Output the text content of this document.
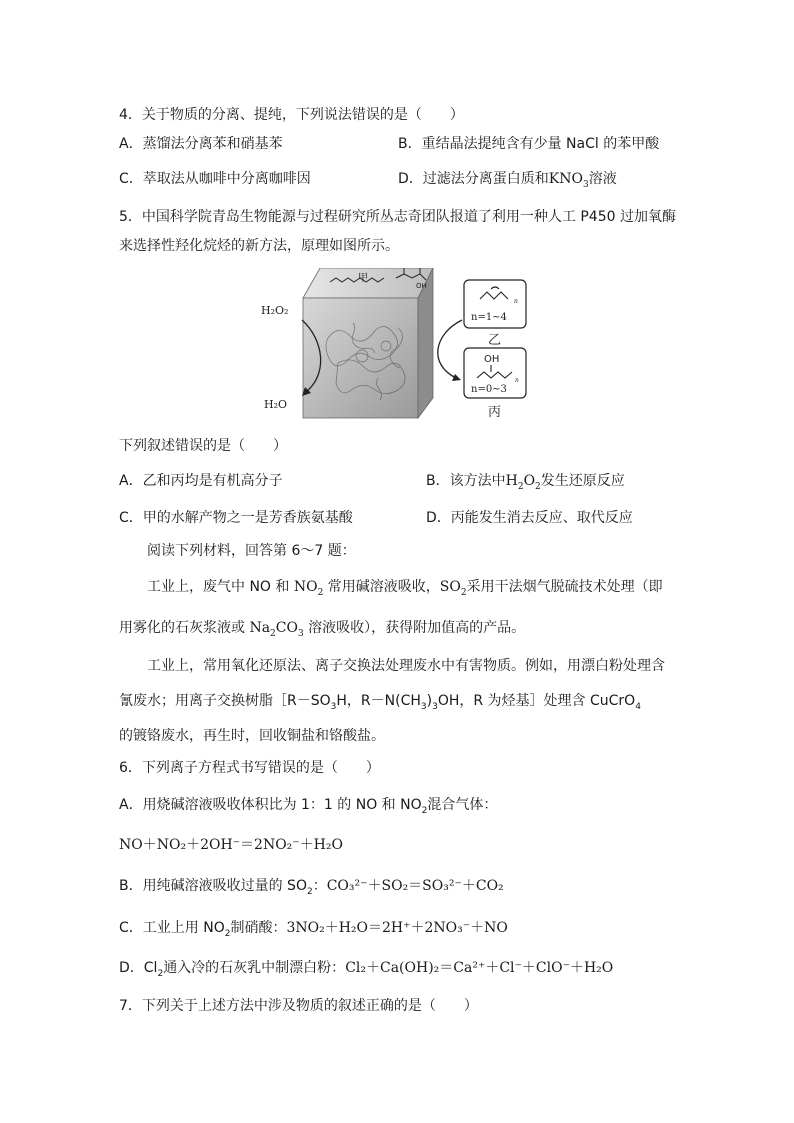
4．关于物质的分离、提纯，下列说法错误的是（　　）
A．蒸馏法分离苯和硝基苯	B．重结晶法提纯含有少量 NaCl 的苯甲酸
C．萃取法从咖啡中分离咖啡因	D．过滤法分离蛋白质和$KNO_3$溶液
5．中国科学院青岛生物能源与过程研究所丛志奇团队报道了利用一种人工 P450 过加氧酶
来选择性羟化烷烃的新方法，原理如图所示。
甲
OH
H₂O₂
H₂O
n
n=1~4
乙
OH
n
n=0~3
丙
下列叙述错误的是（　　）
A．乙和丙均是有机高分子	B．该方法中$H_2O_2$发生还原反应
C．甲的水解产物之一是芳香族氨基酸	D．丙能发生消去反应、取代反应
阅读下列材料，回答第 6～7 题：
工业上，废气中 NO 和 $NO_2$ 常用碱溶液吸收，$SO_2$采用干法烟气脱硫技术处理（即
用雾化的石灰浆液或 $Na_2CO_3$ 溶液吸收），获得附加值高的产品。
工业上，常用氧化还原法、离子交换法处理废水中有害物质。例如，用漂白粉处理含
氰废水；用离子交换树脂$[R-SO_3H$，$R-N(CH_3)_3OH$，R 为烃基］处理含 CuCrO$_4$
的镀铬废水，再生时，回收铜盐和铬酸盐。
6．下列离子方程式书写错误的是（　　）
A．用烧碱溶液吸收体积比为 1：1 的 NO 和 $NO_2$混合气体：
NO＋NO₂＋2OH⁻＝2NO₂⁻＋H₂O
B．用纯碱溶液吸收过量的 $SO_2$：CO₃²⁻＋SO₂＝SO₃²⁻＋CO₂
C．工业上用 $NO_2$制硝酸：3NO₂＋H₂O＝2H⁺＋2NO₃⁻＋NO
D．$Cl_2$通入冷的石灰乳中制漂白粉：Cl₂＋Ca(OH)₂＝Ca²⁺＋Cl⁻＋ClO⁻＋H₂O
7．下列关于上述方法中涉及物质的叙述正确的是（　　）
